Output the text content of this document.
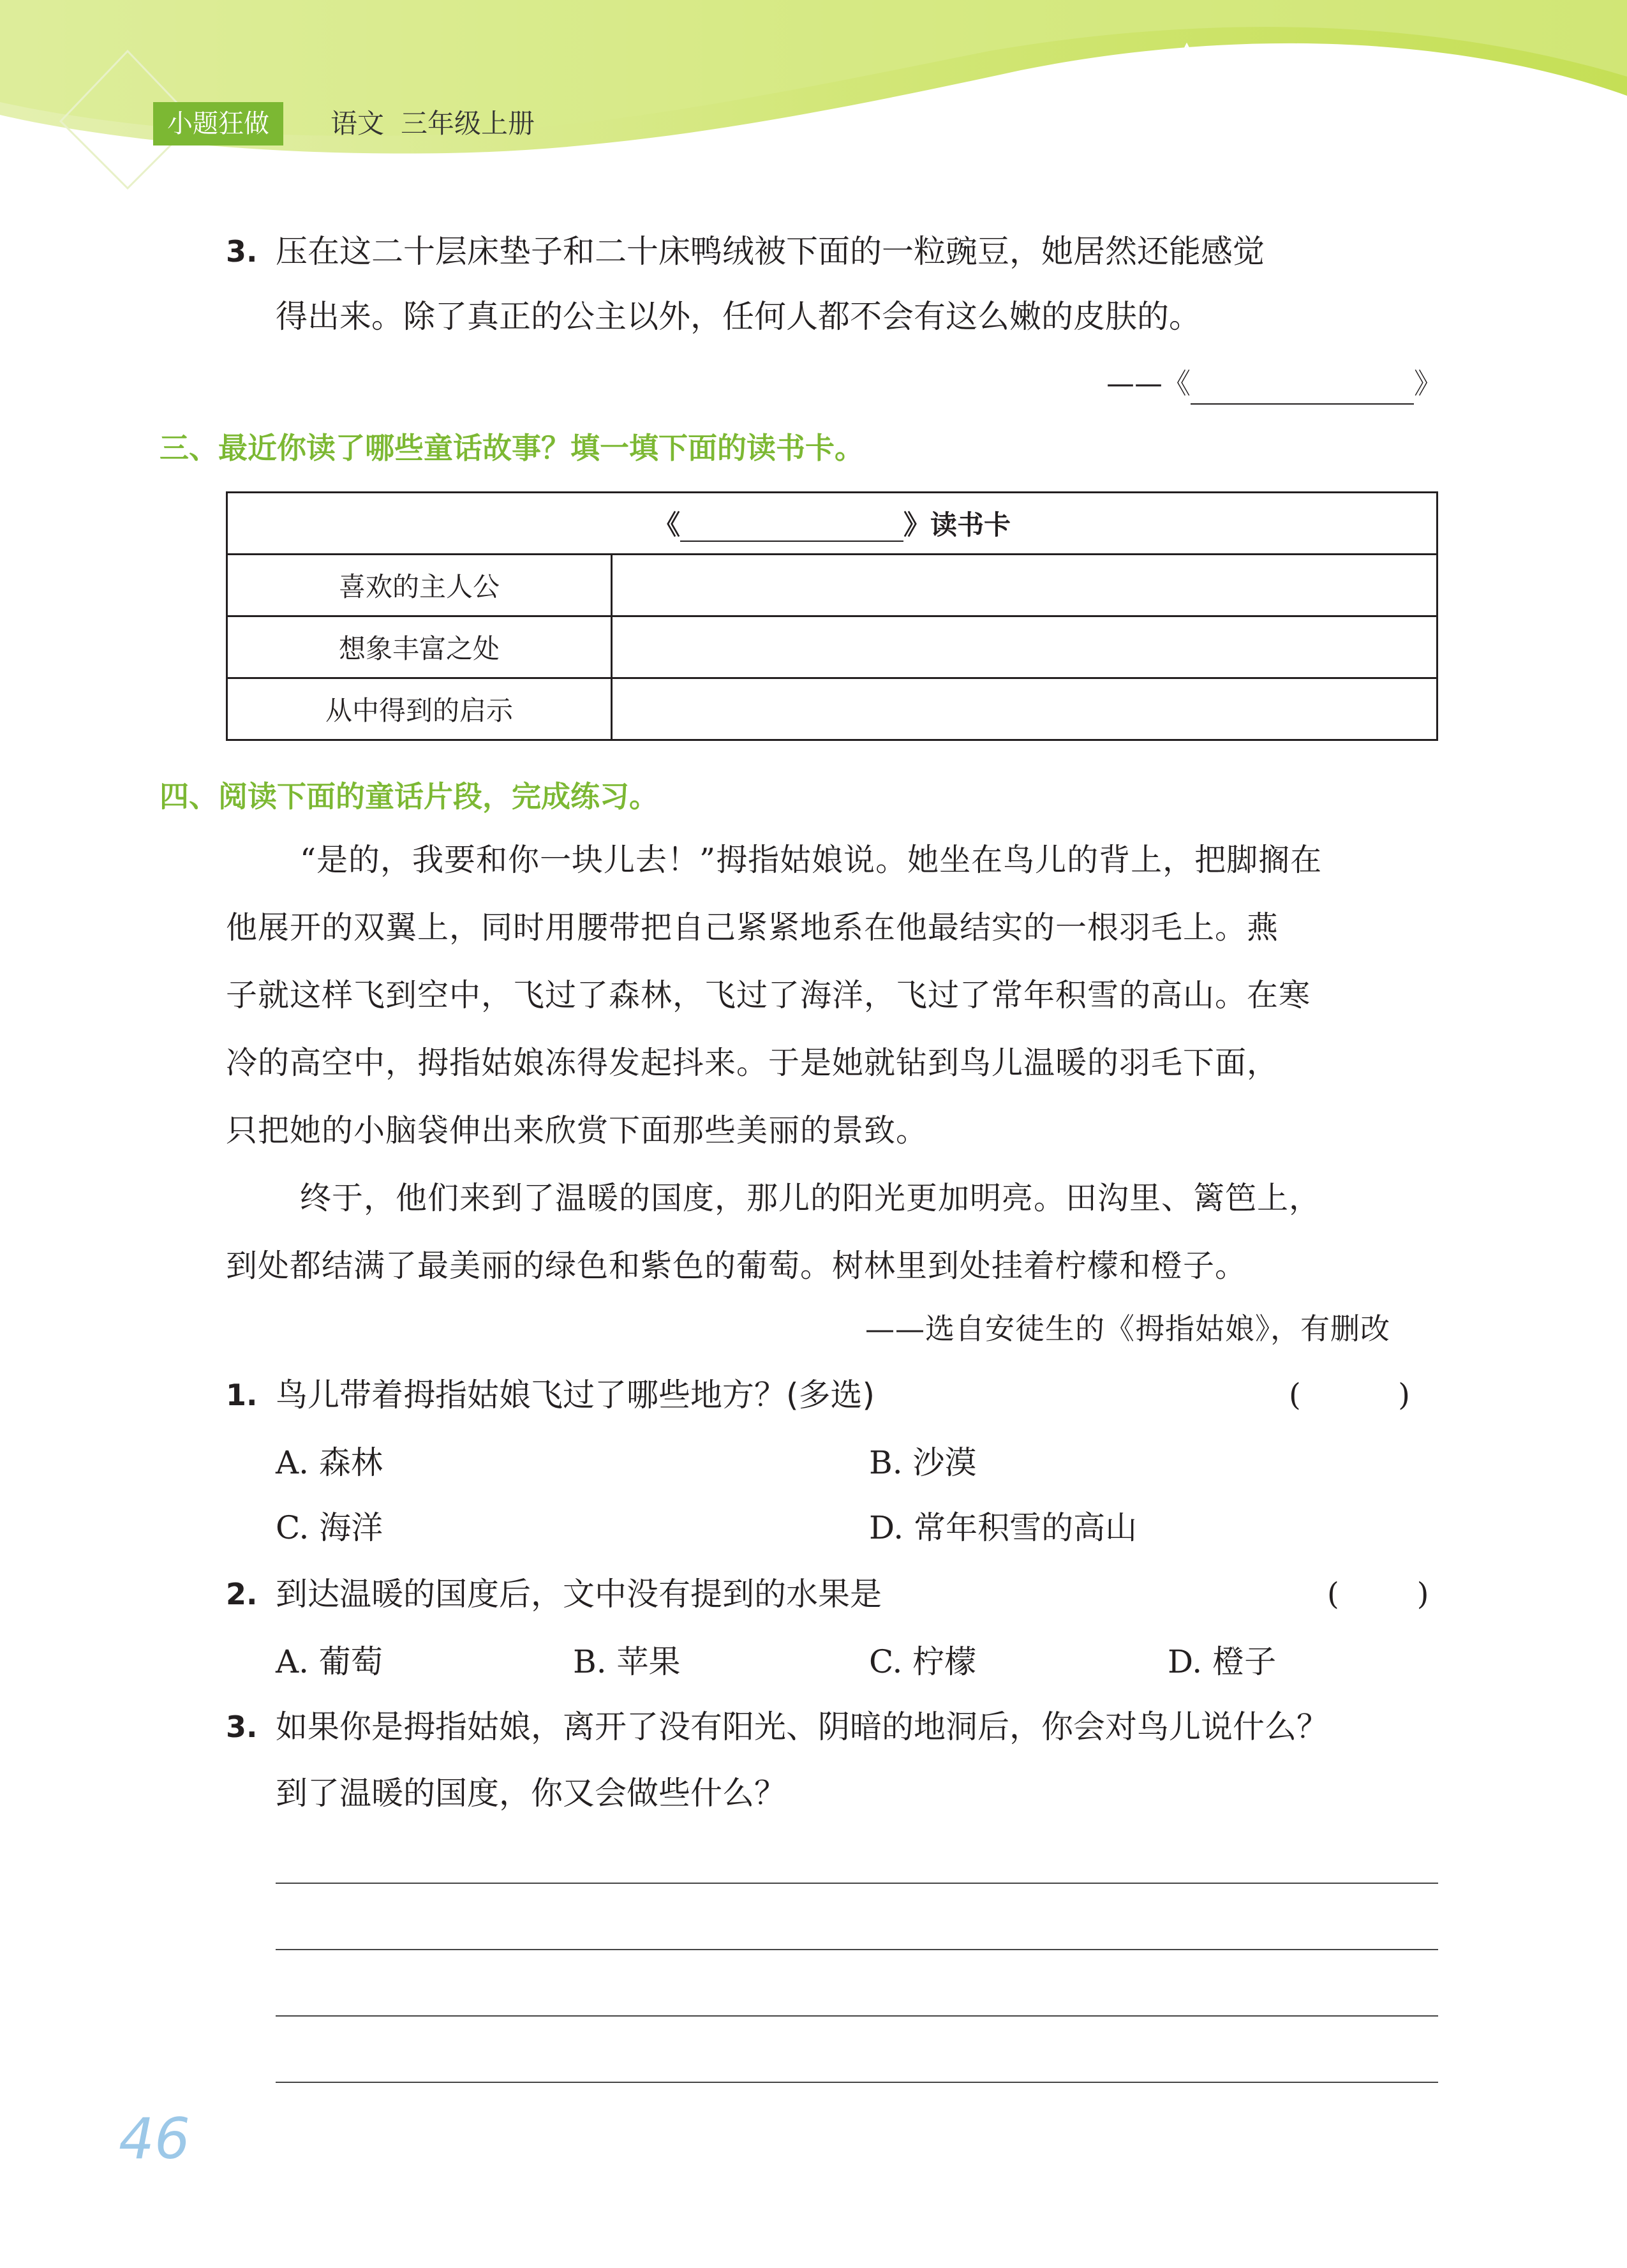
小题狂做	语文 三年级上册
3. 压在这二十层床垫子和二十床鸭绒被下面的一粒豌豆，她居然还能感觉
得出来。除了真正的公主以外，任何人都不会有这么嫩的皮肤的。
——《	》
三、最近你读了哪些童话故事？填一填下面的读书卡。
《 》读书卡	
喜欢的主人公	
想象丰富之处	
从中得到的启示	
四、阅读下面的童话片段，完成练习。
“是的，我要和你一块儿去！”拇指姑娘说。她坐在鸟儿的背上，把脚搁在
他展开的双翼上，同时用腰带把自己紧紧地系在他最结实的一根羽毛上。燕
子就这样飞到空中，飞过了森林，飞过了海洋，飞过了常年积雪的高山。在寒
冷的高空中，拇指姑娘冻得发起抖来。于是她就钻到鸟儿温暖的羽毛下面，
只把她的小脑袋伸出来欣赏下面那些美丽的景致。
终于，他们来到了温暖的国度，那儿的阳光更加明亮。田沟里、篱笆上，
到处都结满了最美丽的绿色和紫色的葡萄。树林里到处挂着柠檬和橙子。
——选自安徒生的《拇指姑娘》，有删改
1. 鸟儿带着拇指姑娘飞过了哪些地方？(多选)	(          )
A. 森林	B. 沙漠
C. 海洋	D. 常年积雪的高山
2. 到达温暖的国度后，文中没有提到的水果是	(        )
A. 葡萄	B. 苹果	C. 柠檬	D. 橙子
3. 如果你是拇指姑娘，离开了没有阳光、阴暗的地洞后，你会对鸟儿说什么？
到了温暖的国度，你又会做些什么？
46
